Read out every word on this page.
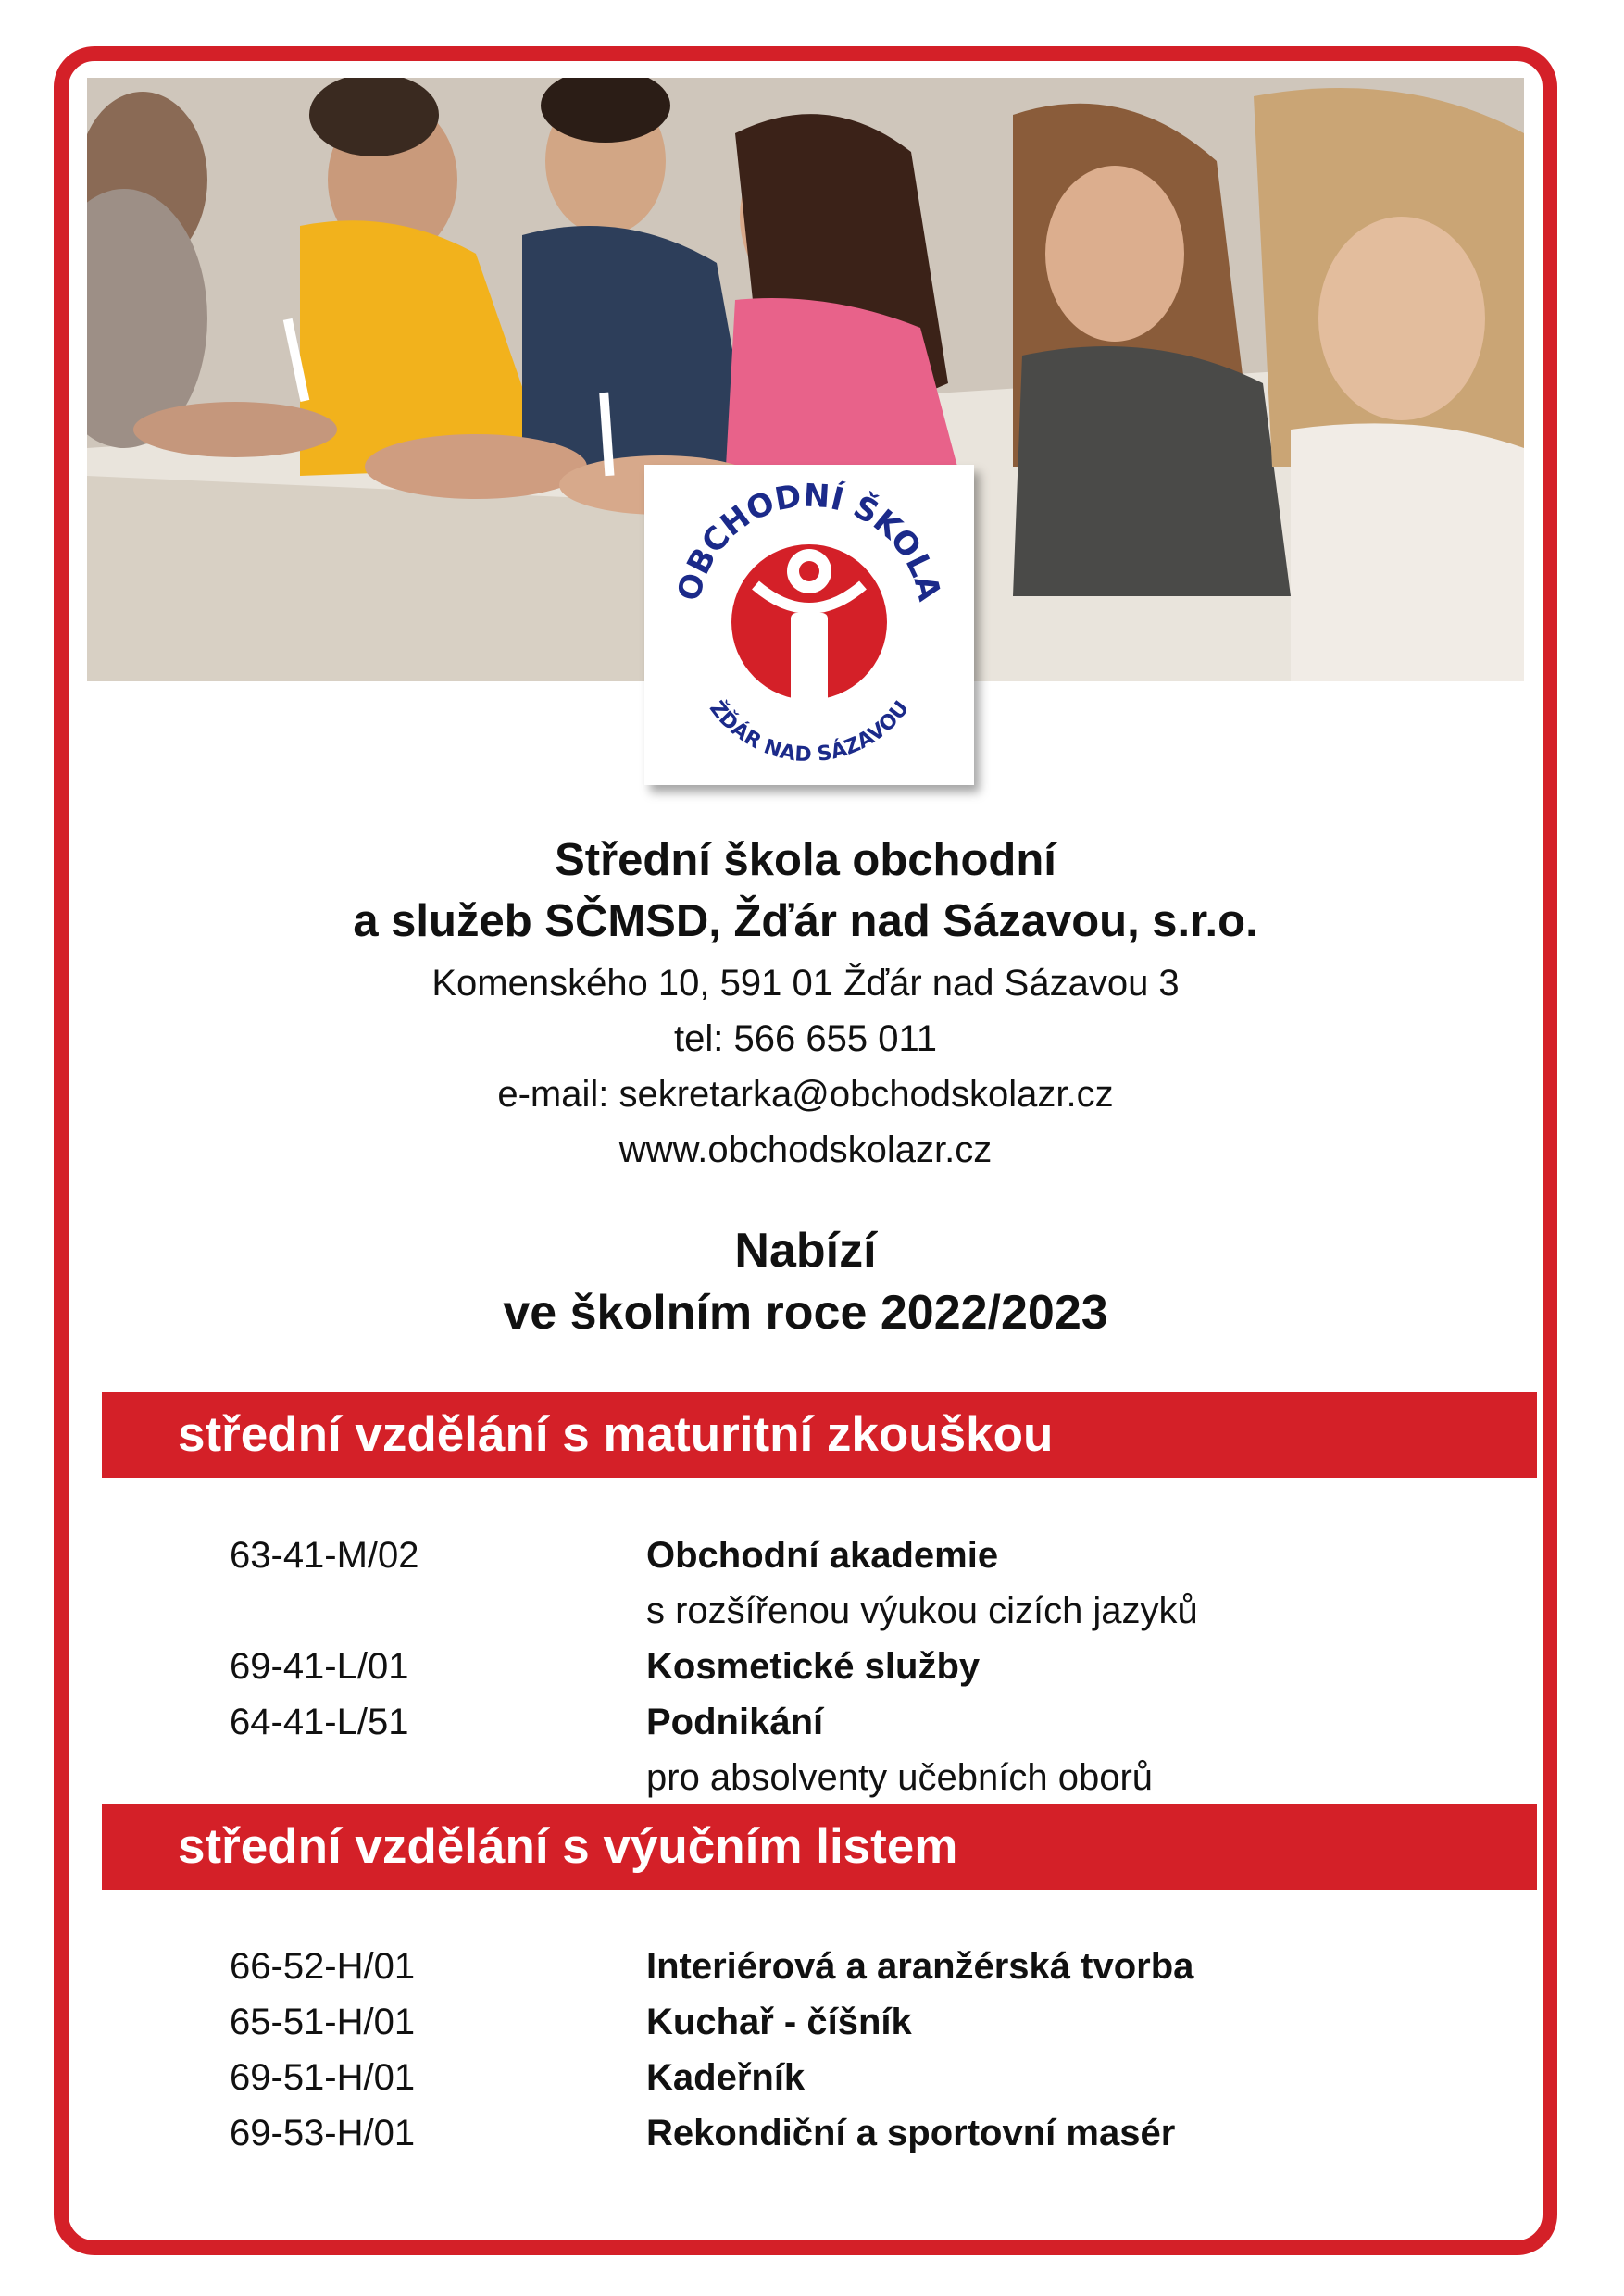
OBCHODNÍ ŠKOLA
ŽĎÁR NAD SÁZAVOU
Střední škola obchodní
a služeb SČMSD, Žďár nad Sázavou, s.r.o.
Komenského 10, 591 01 Žďár nad Sázavou 3
tel: 566 655 011
e-mail: sekretarka@obchodskolazr.cz
www.obchodskolazr.cz
Nabízí
ve školním roce 2022/2023
střední vzdělání s maturitní zkouškou
63-41-M/02	Obchodní akademie
s rozšířenou výukou cizích jazyků
69-41-L/01	Kosmetické služby
64-41-L/51	Podnikání
pro absolventy učebních oborů
střední vzdělání s výučním listem
66-52-H/01	Interiérová a aranžérská tvorba
65-51-H/01	Kuchař - číšník
69-51-H/01	Kadeřník
69-53-H/01	Rekondiční a sportovní masér
